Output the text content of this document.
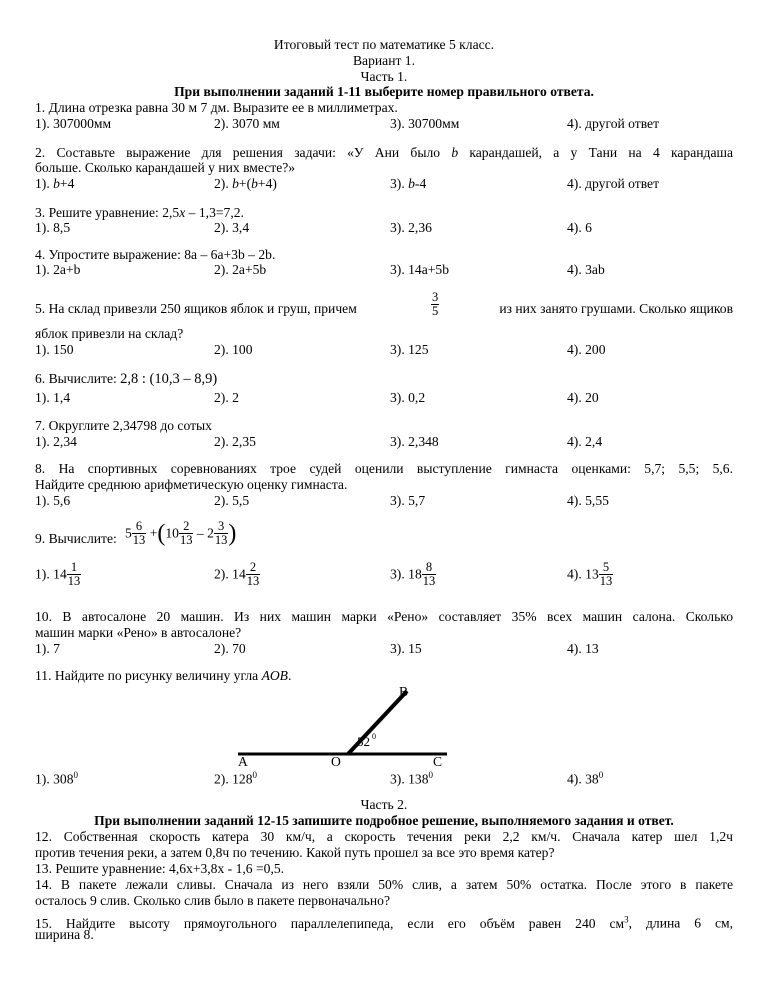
Итоговый тест по математике 5 класс.
Вариант 1.
Часть 1.
При выполнении заданий 1-11 выберите номер правильного ответа.
1. Длина отрезка равна 30 м 7 дм. Выразите ее в миллиметрах.
1). 307000мм	2). 3070 мм	3). 30700мм	4). другой ответ
2. Составьте выражение для решения задачи: «У Ани было b карандашей, а у Тани на 4 карандаша
больше. Сколько карандашей у них вместе?»
1). b+4	2). b+(b+4)	3). b-4	4). другой ответ
3. Решите уравнение: 2,5x – 1,3=7,2.
1). 8,5	2). 3,4	3). 2,36	4). 6
4. Упростите выражение: 8a – 6a+3b – 2b.
1). 2a+b	2). 2a+5b	3). 14a+5b	4). 3ab
5. На склад привезли 250 ящиков яблок и груш, причем	$\frac{3}{5}$	из них занято грушами. Сколько ящиков
яблок привезли на склад?
1). 150	2). 100	3). 125	4). 200
6. Вычислите: 2,8 : (10,3 – 8,9)
1). 1,4	2). 2	3). 0,2	4). 20
7. Округлите 2,34798 до сотых
1). 2,34	2). 2,35	3). 2,348	4). 2,4
8. На спортивных соревнованиях трое судей оценили выступление гимнаста оценками: 5,7; 5,5; 5,6.
Найдите среднюю арифметическую оценку гимнаста.
1). 5,6	2). 5,5	3). 5,7	4). 5,55
9. Вычислите: $5 \frac{6}{13} +(10 \frac{2}{13} - 2 \frac{3}{13}$ )
1). $14 \frac{1}{13}$	2). $14 \frac{2}{13}$	3). $18 \frac{8}{13}$	4). $13 \frac{5}{13}$
10. В автосалоне 20 машин. Из них машин марки «Рено» составляет 35% всех машин салона. Сколько
машин марки «Рено» в автосалоне?
1). 7	2). 70	3). 15	4). 13
11. Найдите по рисунку величину угла AOB.
A	O	C
B
52 0
1). $308^0$	2). $128^0$	3). $138^0$	4). $38^0$
Часть 2.
При выполнении заданий 12-15 запишите подробное решение, выполняемого задания и ответ.
12. Собственная скорость катера 30 км/ч, а скорость течения реки 2,2 км/ч. Сначала катер шел 1,2ч
против течения реки, а затем 0,8ч по течению. Какой путь прошел за все это время катер?
13. Решите уравнение: 4,6x+3,8x - 1,6 =0,5.
14. В пакете лежали сливы. Сначала из него взяли 50% слив, а затем 50% остатка. После этого в пакете
осталось 9 слив. Сколько слив было в пакете первоначально?
15. Найдите высоту прямоугольного параллелепипеда, если его объём равен 240 $см^3$, длина 6 см,
ширина 8.
